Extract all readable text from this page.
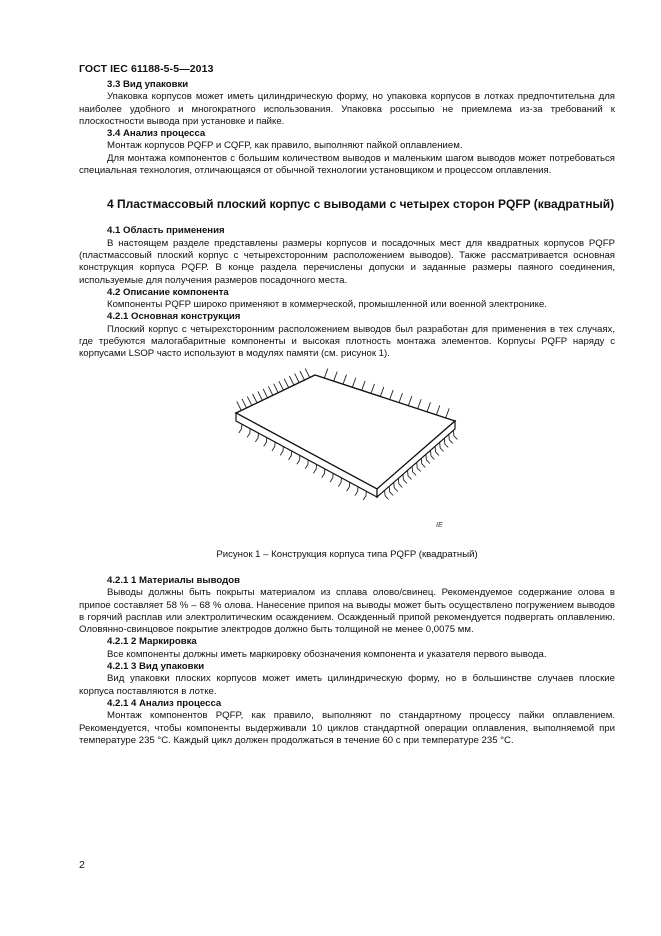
ГОСТ IEC 61188-5-5—2013
3.3 Вид упаковки

Упаковка корпусов может иметь цилиндрическую форму, но упаковка корпусов в лотках предпочтительна для наиболее удобного и многократного использования. Упаковка россыпью не приемлема из-за требований к плоскостности вывода при установке и пайке.

3.4 Анализ процесса

Монтаж корпусов PQFP и CQFP, как правило, выполняют пайкой оплавлением.

Для монтажа компонентов с большим количеством выводов и маленьким шагом выводов может потребоваться специальная технология, отличающаяся от обычной технологии установщиком и процессом оплавления.

4 Пластмассовый плоский корпус с выводами с четырех сторон PQFP (квадратный)
4.1 Область применения

В настоящем разделе представлены размеры корпусов и посадочных мест для квадратных корпусов PQFP (пластмассовый плоский корпус с четырехсторонним расположением выводов). Также рассматривается основная конструкция корпуса PQFP. В конце раздела перечислены допуски и заданные размеры паяного соединения, используемые для получения размеров посадочного места.

4.2 Описание компонента

Компоненты PQFP широко применяют в коммерческой, промышленной или военной электронике.

4.2.1 Основная конструкция

Плоский корпус с четырехсторонним расположением выводов был разработан для применения в тех случаях, где требуются малогабаритные компоненты и высокая плотность монтажа элементов. Корпусы PQFP наряду с корпусами LSOP часто используют в модулях памяти (см. рисунок 1).

IE

Рисунок 1 – Конструкция корпуса типа PQFP (квадратный)

4.2.1 1 Материалы выводов

Выводы должны быть покрыты материалом из сплава олово/свинец. Рекомендуемое содержание олова в припое составляет 58 % – 68 % олова. Нанесение припоя на выводы может быть осуществлено погружением выводов в горячий расплав или электролитическим осаждением. Осажденный припой рекомендуется подвергать оплавлению. Оловянно-свинцовое покрытие электродов должно быть толщиной не менее 0,0075 мм.

4.2.1 2 Маркировка

Все компоненты должны иметь маркировку обозначения компонента и указателя первого вывода.

4.2.1 3 Вид упаковки

Вид упаковки плоских корпусов может иметь цилиндрическую форму, но в большинстве случаев плоские корпуса поставляются в лотке.

4.2.1 4 Анализ процесса

Монтаж компонентов PQFP, как правило, выполняют по стандартному процессу пайки оплавлением. Рекомендуется, чтобы компоненты выдерживали 10 циклов стандартной операции оплавления, выполняемой при температуре 235 °С. Каждый цикл должен продолжаться в течение 60 с при температуре 235 °С.

2
